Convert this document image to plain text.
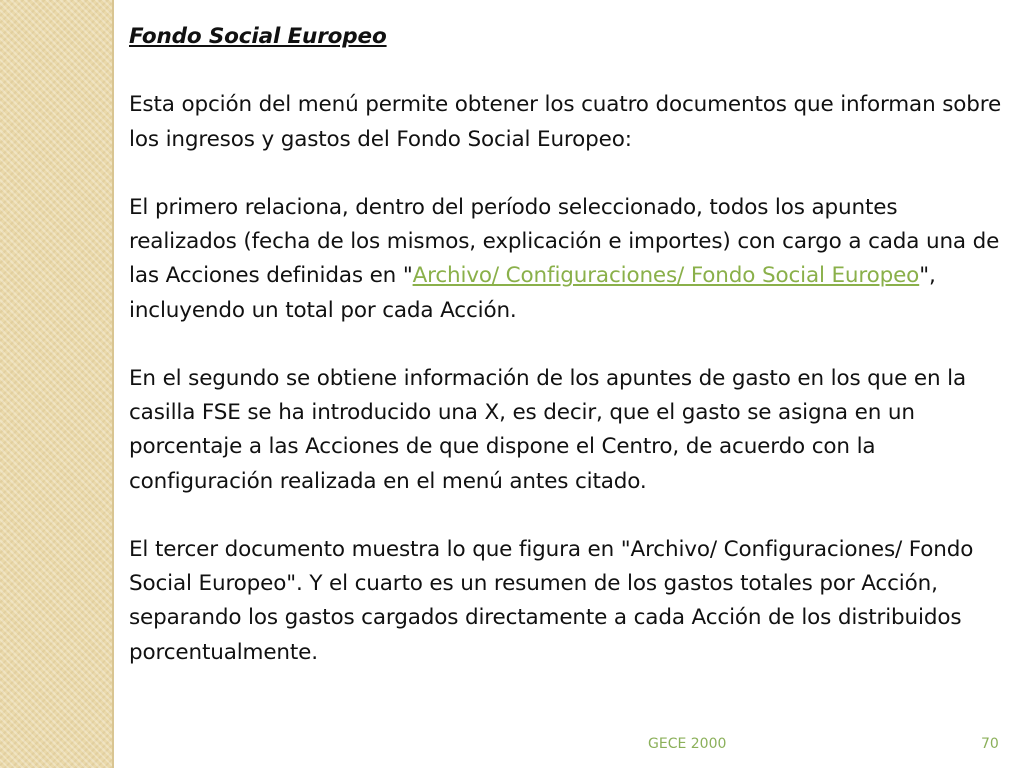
Fondo Social Europeo

Esta opción del menú permite obtener los cuatro documentos que informan sobre los ingresos y gastos del Fondo Social Europeo:

El primero relaciona, dentro del período seleccionado, todos los apuntes realizados (fecha de los mismos, explicación e importes) con cargo a cada una de las Acciones definidas en "Archivo/ Configuraciones/ Fondo Social Europeo", incluyendo un total por cada Acción.

En el segundo se obtiene información de los apuntes de gasto en los que en la casilla FSE se ha introducido una X, es decir, que el gasto se asigna en un porcentaje a las Acciones de que dispone el Centro, de acuerdo con la configuración realizada en el menú antes citado.

El tercer documento muestra lo que figura en "Archivo/ Configuraciones/ Fondo Social Europeo". Y el cuarto es un resumen de los gastos totales por Acción, separando los gastos cargados directamente a cada Acción de los distribuidos porcentualmente.

GECE 2000	70
